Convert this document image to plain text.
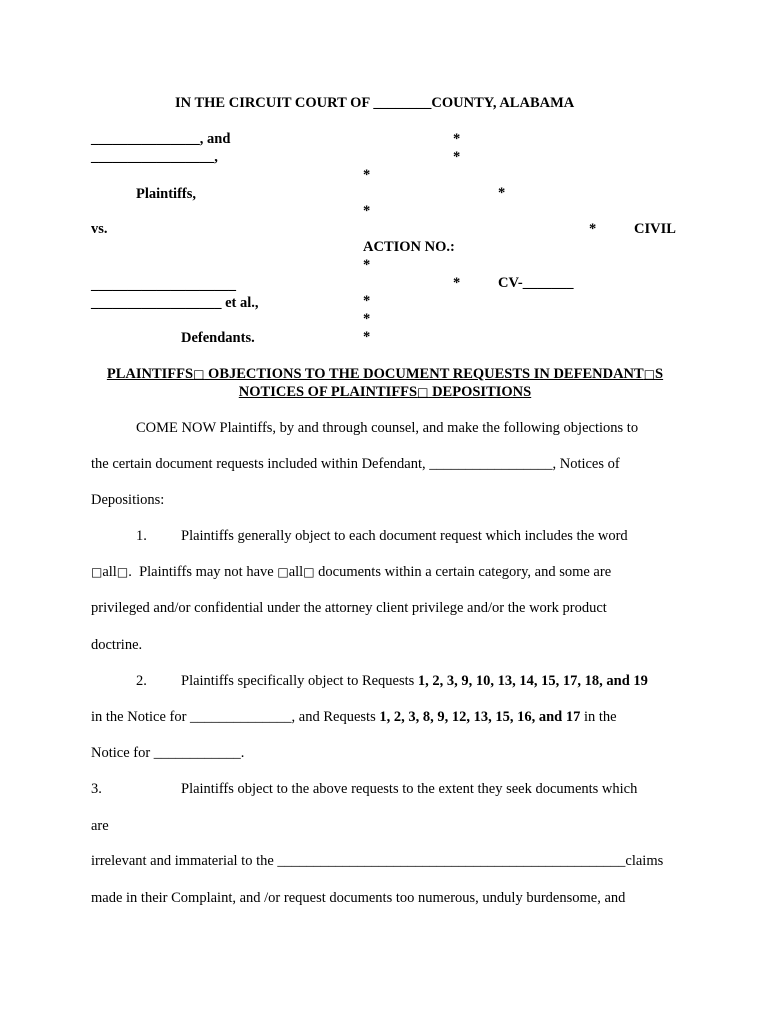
IN THE CIRCUIT COURT OF ________COUNTY, ALABAMA
_______________, and
_________________,
Plaintiffs,
vs.
____________________
__________________ et al.,
Defendants.
*
*
*
*
*
*	CIVIL
ACTION NO.:
*
*	CV-_______
*
*
*
PLAINTIFFS□ OBJECTIONS TO THE DOCUMENT REQUESTS IN DEFENDANT□S
NOTICES OF PLAINTIFFS□ DEPOSITIONS
COME NOW Plaintiffs, by and through counsel, and make the following objections to
the certain document requests included within Defendant, _________________, Notices of
Depositions:
1. Plaintiffs generally object to each document request which includes the word
□all□.  Plaintiffs may not have □all□ documents within a certain category, and some are
privileged and/or confidential under the attorney client privilege and/or the work product
doctrine.
2. Plaintiffs specifically object to Requests 1, 2, 3, 9, 10, 13, 14, 15, 17, 18, and 19
in the Notice for ______________, and Requests 1, 2, 3, 8, 9, 12, 13, 15, 16, and 17 in the
Notice for ____________.
3.	Plaintiffs object to the above requests to the extent they seek documents which
are
irrelevant and immaterial to the ________________________________________________claims
made in their Complaint, and /or request documents too numerous, unduly burdensome, and
